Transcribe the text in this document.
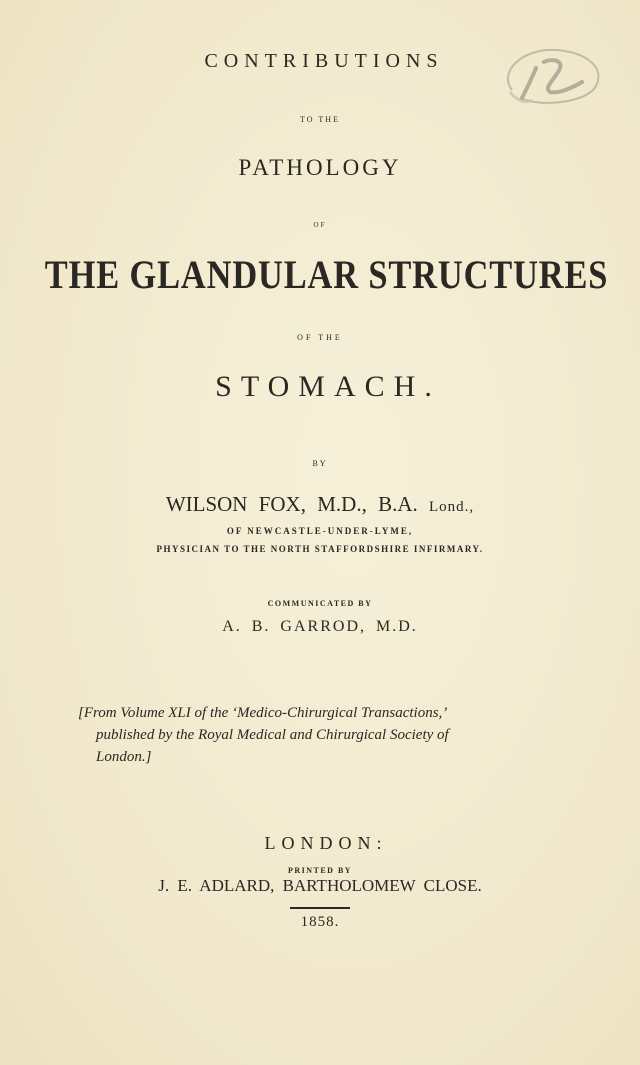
CONTRIBUTIONS
TO THE
PATHOLOGY
OF
THE GLANDULAR STRUCTURES
OF THE
STOMACH.
BY
WILSON FOX, M.D., B.A. Lond.,
OF NEWCASTLE-UNDER-LYME,
PHYSICIAN TO THE NORTH STAFFORDSHIRE INFIRMARY.
COMMUNICATED BY
A. B. GARROD, M.D.
[From Volume XLI of the ‘Medico-Chirurgical Transactions,’
published by the Royal Medical and Chirurgical Society of
London.]
LONDON:
PRINTED BY
J. E. ADLARD, BARTHOLOMEW CLOSE.
1858.
